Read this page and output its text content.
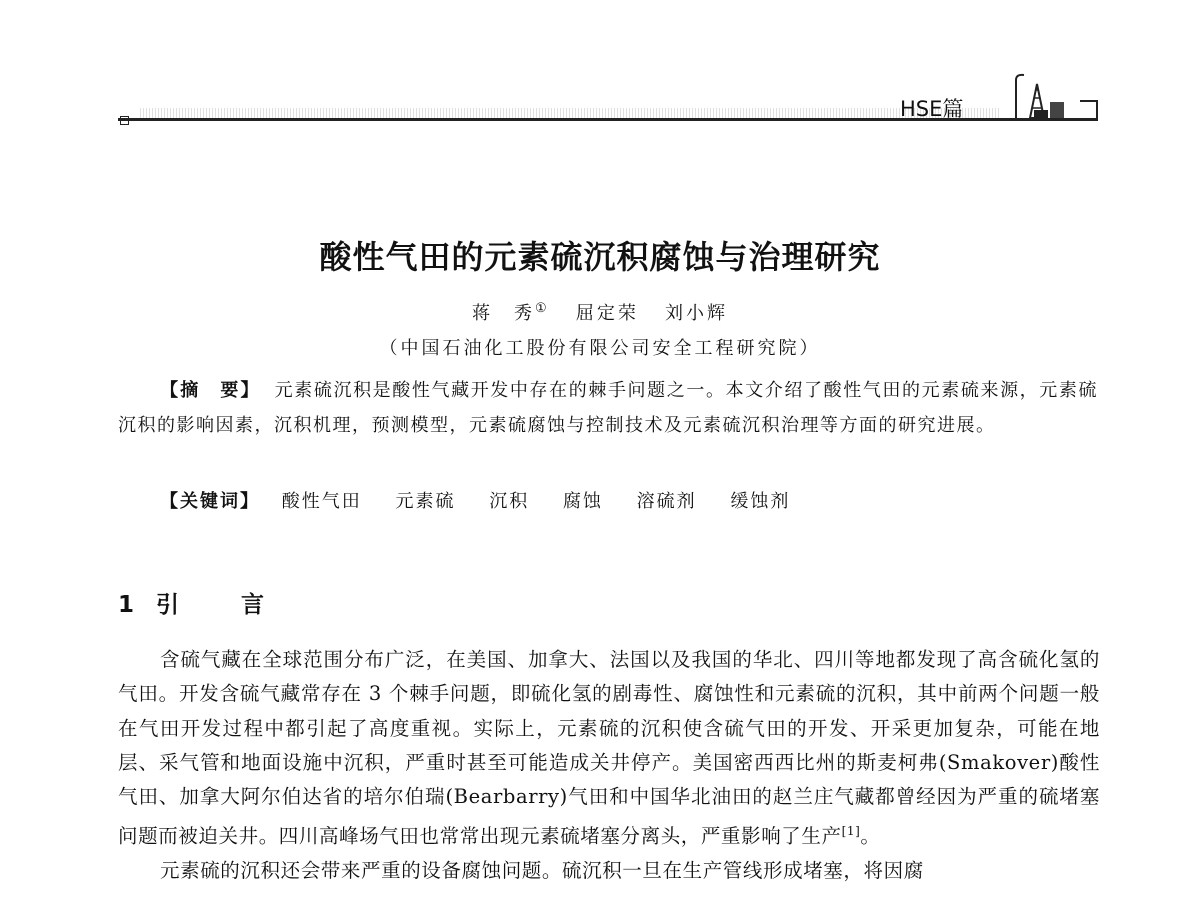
HSE篇
酸性气田的元素硫沉积腐蚀与治理研究
蒋　秀① 屈定荣 刘小辉
（中国石油化工股份有限公司安全工程研究院）
【摘　要】 元素硫沉积是酸性气藏开发中存在的棘手问题之一。本文介绍了酸性气田的元素硫来源，元素硫沉积的影响因素，沉积机理，预测模型，元素硫腐蚀与控制技术及元素硫沉积治理等方面的研究进展。
【关键词】 酸性气田 元素硫 沉积 腐蚀 溶硫剂 缓蚀剂
1 引	言

含硫气藏在全球范围分布广泛，在美国、加拿大、法国以及我国的华北、四川等地都发现了高含硫化氢的气田。开发含硫气藏常存在 3 个棘手问题，即硫化氢的剧毒性、腐蚀性和元素硫的沉积，其中前两个问题一般在气田开发过程中都引起了高度重视。实际上，元素硫的沉积使含硫气田的开发、开采更加复杂，可能在地层、采气管和地面设施中沉积，严重时甚至可能造成关井停产。美国密西西比州的斯麦柯弗(Smakover)酸性气田、加拿大阿尔伯达省的培尔伯瑞(Bearbarry)气田和中国华北油田的赵兰庄气藏都曾经因为严重的硫堵塞问题而被迫关井。四川高峰场气田也常常出现元素硫堵塞分离头，严重影响了生产[1]。

元素硫的沉积还会带来严重的设备腐蚀问题。硫沉积一旦在生产管线形成堵塞，将因腐
